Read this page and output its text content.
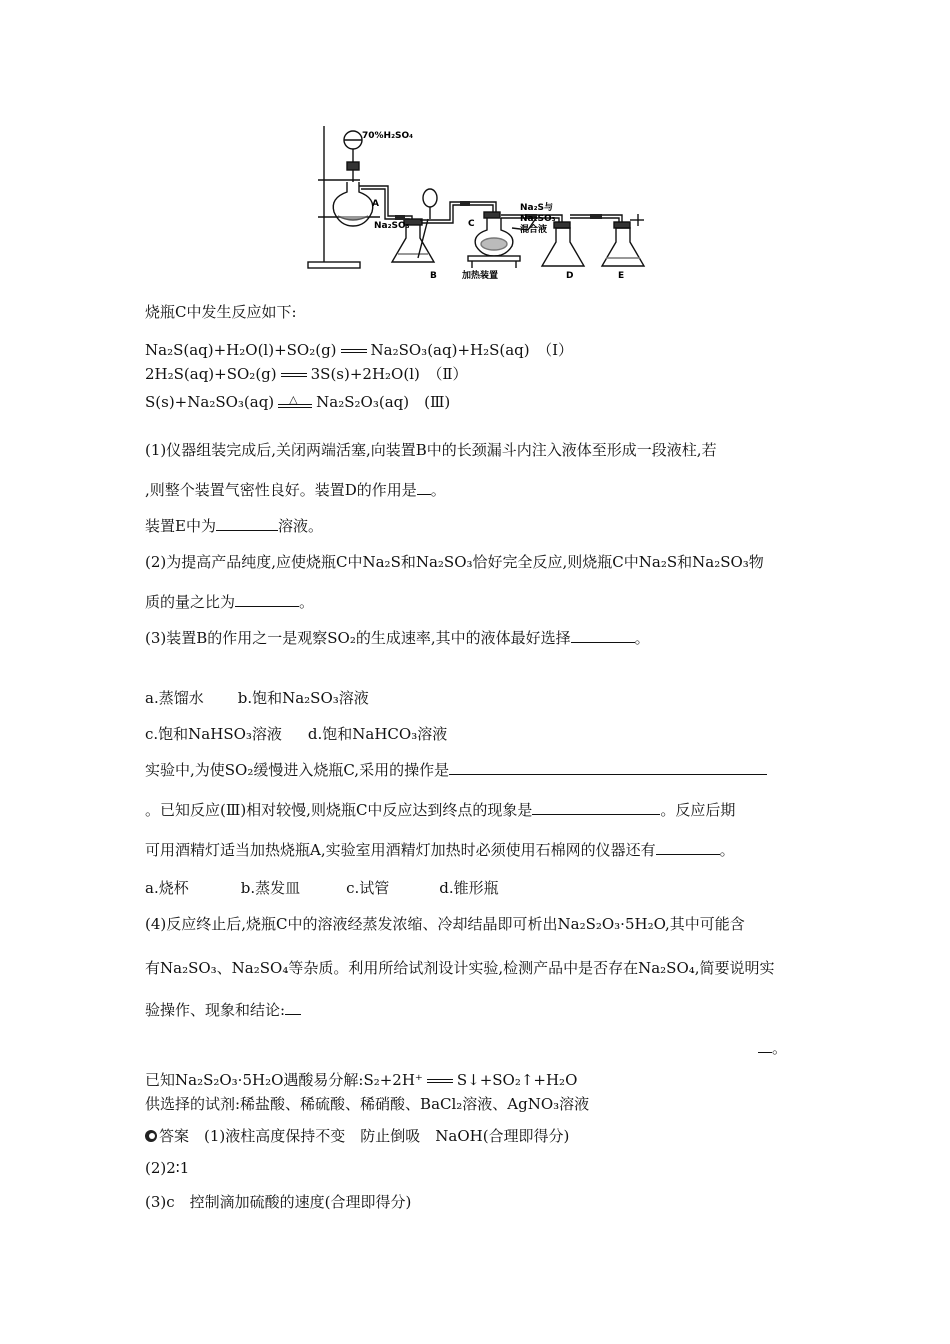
70%H₂SO₄
A
Na₂SO₃
B
C
加热装置
Na₂S与
Na₂SO₃
混合液
D	E
烧瓶C中发生反应如下:
Na₂S(aq)+H₂O(l)+SO₂(g) Na₂SO₃(aq)+H₂S(aq)　（Ⅰ）
2H₂S(aq)+SO₂(g) 3S(s)+2H₂O(l)　（Ⅱ）
S(s)+Na₂SO₃(aq) △ Na₂S₂O₃(aq)　(Ⅲ)
(1)仪器组装完成后,关闭两端活塞,向装置B中的长颈漏斗内注入液体至形成一段液柱,若
,则整个装置气密性良好。装置D的作用是 。
装置E中为	溶液。
(2)为提高产品纯度,应使烧瓶C中Na₂S和Na₂SO₃恰好完全反应,则烧瓶C中Na₂S和Na₂SO₃物
质的量之比为	。
(3)装置B的作用之一是观察SO₂的生成速率,其中的液体最好选择	。
a.蒸馏水 b.饱和Na₂SO₃溶液
c.饱和NaHSO₃溶液 d.饱和NaHCO₃溶液
实验中,为使SO₂缓慢进入烧瓶C,采用的操作是
。已知反应(Ⅲ)相对较慢,则烧瓶C中反应达到终点的现象是	。反应后期
可用酒精灯适当加热烧瓶A,实验室用酒精灯加热时必须使用石棉网的仪器还有	。
a.烧杯	b.蒸发皿	c.试管	d.锥形瓶
(4)反应终止后,烧瓶C中的溶液经蒸发浓缩、冷却结晶即可析出Na₂S₂O₃·5H₂O,其中可能含
有Na₂SO₃、Na₂SO₄等杂质。利用所给试剂设计实验,检测产品中是否存在Na₂SO₄,简要说明实
验操作、现象和结论:
。
已知Na₂S₂O₃·5H₂O遇酸易分解:S₂+2H⁺ S↓+SO₂↑+H₂O
供选择的试剂:稀盐酸、稀硫酸、稀硝酸、BaCl₂溶液、AgNO₃溶液
答案　(1)液柱高度保持不变　防止倒吸　NaOH(合理即得分)
(2)2∶1
(3)c　控制滴加硫酸的速度(合理即得分)
